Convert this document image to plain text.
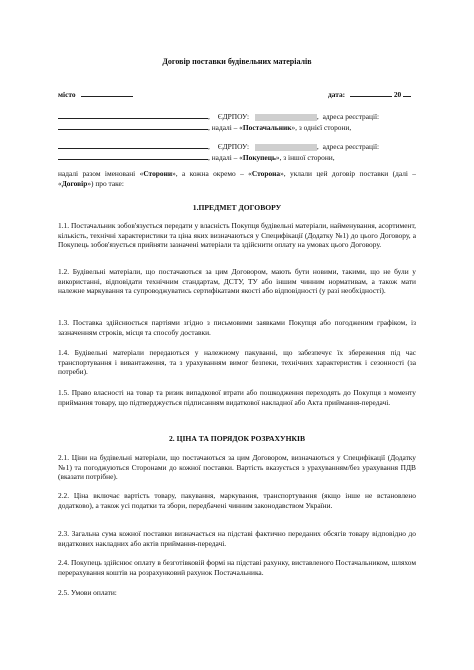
Договір поставки будівельних матеріалів
місто	дата:	20
, ЄДРПОУ:	, адреса реєстрації:
, надалі – «Постачальник», з однієї сторони,
, ЄДРПОУ:	, адреса реєстрації:
, надалі – «Покупець», з іншої сторони,
надалі разом іменовані «Сторони», а кожна окремо – «Сторона», уклали цей договір поставки (далі – «Договір») про таке:
1.ПРЕДМЕТ ДОГОВОРУ
1.1. Постачальник зобов'язується передати у власність Покупця будівельні матеріали, найменування, асортимент, кількість, технічні характеристики та ціна яких визначаються у Специфікації (Додатку №1) до цього Договору, а Покупець зобов'язується прийняти зазначені матеріали та здійснити оплату на умовах цього Договору.
1.2. Будівельні матеріали, що постачаються за цим Договором, мають бути новими, такими, що не були у використанні, відповідати технічним стандартам, ДСТУ, ТУ або іншим чинним нормативам, а також мати належне маркування та супроводжуватись сертифікатами якості або відповідності (у разі необхідності).
1.3. Поставка здійснюється партіями згідно з письмовими заявками Покупця або погодженим графіком, із зазначенням строків, місця та способу доставки.
1.4. Будівельні матеріали передаються у належному пакуванні, що забезпечує їх збереження під час транспортування і вивантаження, та з урахуванням вимог безпеки, технічних характеристик і сезонності (за потреби).
1.5. Право власності на товар та ризик випадкової втрати або пошкодження переходять до Покупця з моменту приймання товару, що підтверджується підписанням видаткової накладної або Акта приймання-передачі.
2. ЦІНА ТА ПОРЯДОК РОЗРАХУНКІВ
2.1. Ціни на будівельні матеріали, що постачаються за цим Договором, визначаються у Специфікації (Додатку №1) та погоджуються Сторонами до кожної поставки. Вартість вказується з урахуванням/без урахування ПДВ (вказати потрібне).
2.2. Ціна включає вартість товару, пакування, маркування, транспортування (якщо інше не встановлено додатково), а також усі податки та збори, передбачені чинним законодавством України.
2.3. Загальна сума кожної поставки визначається на підставі фактично переданих обсягів товару відповідно до видаткових накладних або актів приймання-передачі.
2.4. Покупець здійснює оплату в безготівковій формі на підставі рахунку, виставленого Постачальником, шляхом перерахування коштів на розрахунковий рахунок Постачальника.
2.5. Умови оплати:
